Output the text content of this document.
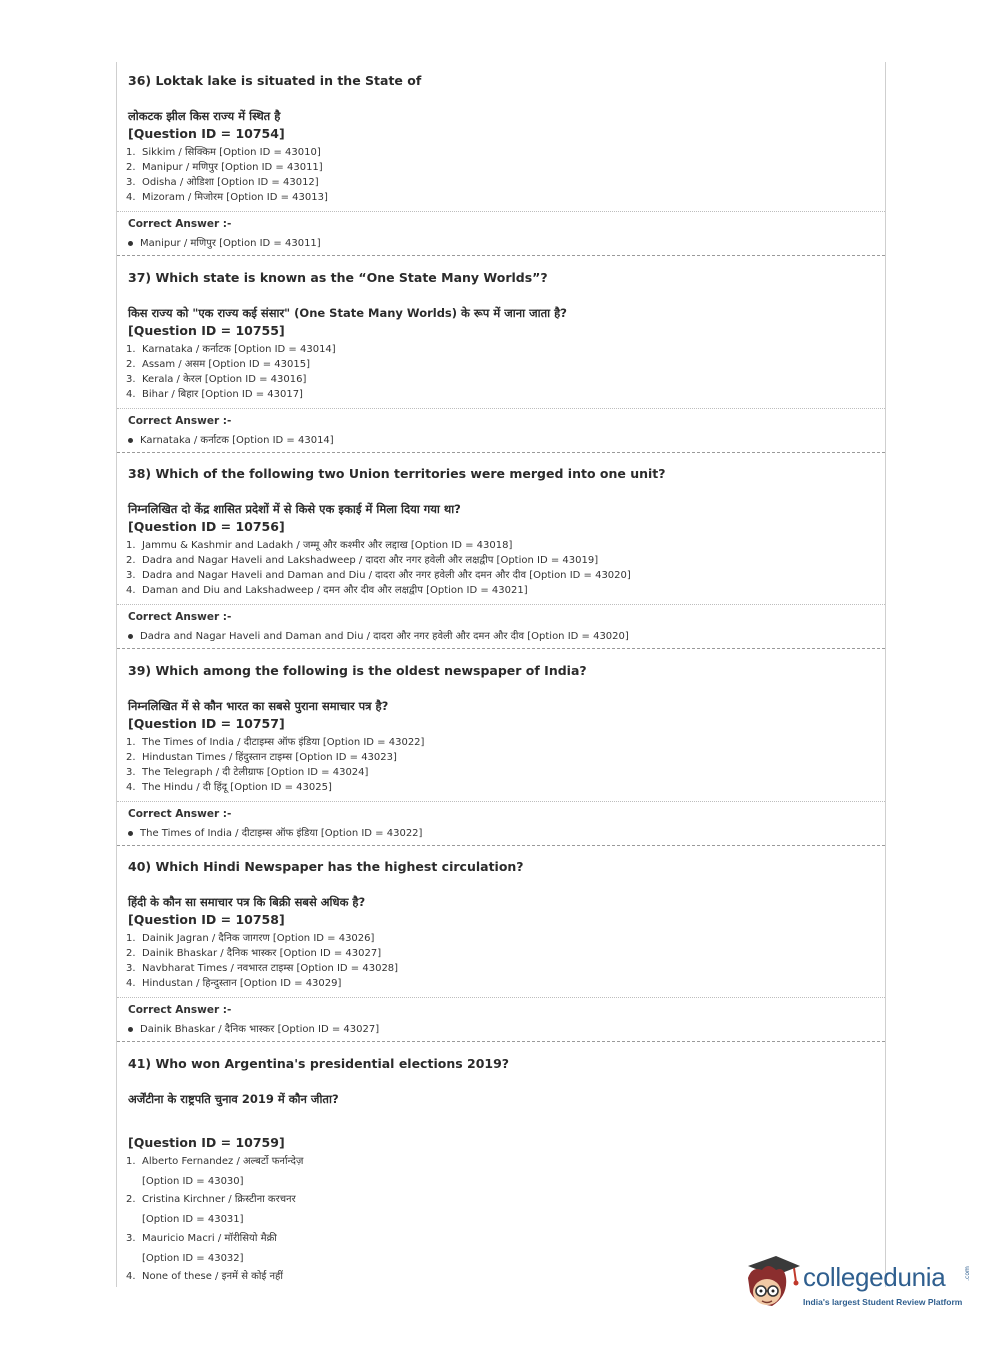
36) Loktak lake is situated in the State of
लोकटक झील किस राज्य में स्थित है
[Question ID = 10754]
1. Sikkim / सिक्किम [Option ID = 43010]
2. Manipur / मणिपुर [Option ID = 43011]
3. Odisha / ओडिशा [Option ID = 43012]
4. Mizoram / मिजोरम [Option ID = 43013]
Correct Answer :-
Manipur / मणिपुर [Option ID = 43011]
37) Which state is known as the “One State Many Worlds”?
किस राज्य को "एक राज्य कई संसार" (One State Many Worlds) के रूप में जाना जाता है?
[Question ID = 10755]
1. Karnataka / कर्नाटक [Option ID = 43014]
2. Assam / असम [Option ID = 43015]
3. Kerala / केरल [Option ID = 43016]
4. Bihar / बिहार [Option ID = 43017]
Correct Answer :-
Karnataka / कर्नाटक [Option ID = 43014]
38) Which of the following two Union territories were merged into one unit?
निम्नलिखित दो केंद्र शासित प्रदेशों में से किसे एक इकाई में मिला दिया गया था?
[Question ID = 10756]
1. Jammu & Kashmir and Ladakh / जम्मू और कश्मीर और लद्दाख [Option ID = 43018]
2. Dadra and Nagar Haveli and Lakshadweep / दादरा और नगर हवेली और लक्षद्वीप [Option ID = 43019]
3. Dadra and Nagar Haveli and Daman and Diu / दादरा और नगर हवेली और दमन और दीव [Option ID = 43020]
4. Daman and Diu and Lakshadweep / दमन और दीव और लक्षद्वीप [Option ID = 43021]
Correct Answer :-
Dadra and Nagar Haveli and Daman and Diu / दादरा और नगर हवेली और दमन और दीव [Option ID = 43020]
39) Which among the following is the oldest newspaper of India?
निम्नलिखित में से कौन भारत का सबसे पुराना समाचार पत्र है?
[Question ID = 10757]
1. The Times of India / दीटाइम्स ऑफ इंडिया [Option ID = 43022]
2. Hindustan Times / हिंदुस्तान टाइम्स [Option ID = 43023]
3. The Telegraph / दी टेलीग्राफ [Option ID = 43024]
4. The Hindu / दी हिंदू [Option ID = 43025]
Correct Answer :-
The Times of India / दीटाइम्स ऑफ इंडिया [Option ID = 43022]
40) Which Hindi Newspaper has the highest circulation?
हिंदी के कौन सा समाचार पत्र कि बिक्री सबसे अधिक है?
[Question ID = 10758]
1. Dainik Jagran / दैनिक जागरण [Option ID = 43026]
2. Dainik Bhaskar / दैनिक भास्कर [Option ID = 43027]
3. Navbharat Times / नवभारत टाइम्स [Option ID = 43028]
4. Hindustan / हिन्दुस्तान [Option ID = 43029]
Correct Answer :-
Dainik Bhaskar / दैनिक भास्कर [Option ID = 43027]
41) Who won Argentina's presidential elections 2019?
अर्जेंटीना के राष्ट्रपति चुनाव 2019 में कौन जीता?
[Question ID = 10759]
1. Alberto Fernandez / अल्बर्टो फर्नान्देज़
[Option ID = 43030]
2. Cristina Kirchner / क्रिस्टीना करचनर
[Option ID = 43031]
3. Mauricio Macri / मॉरीसियो मैक्री
[Option ID = 43032]
4. None of these / इनमें से कोई नहीं	collegedunia	.com
India's largest Student Review Platform
